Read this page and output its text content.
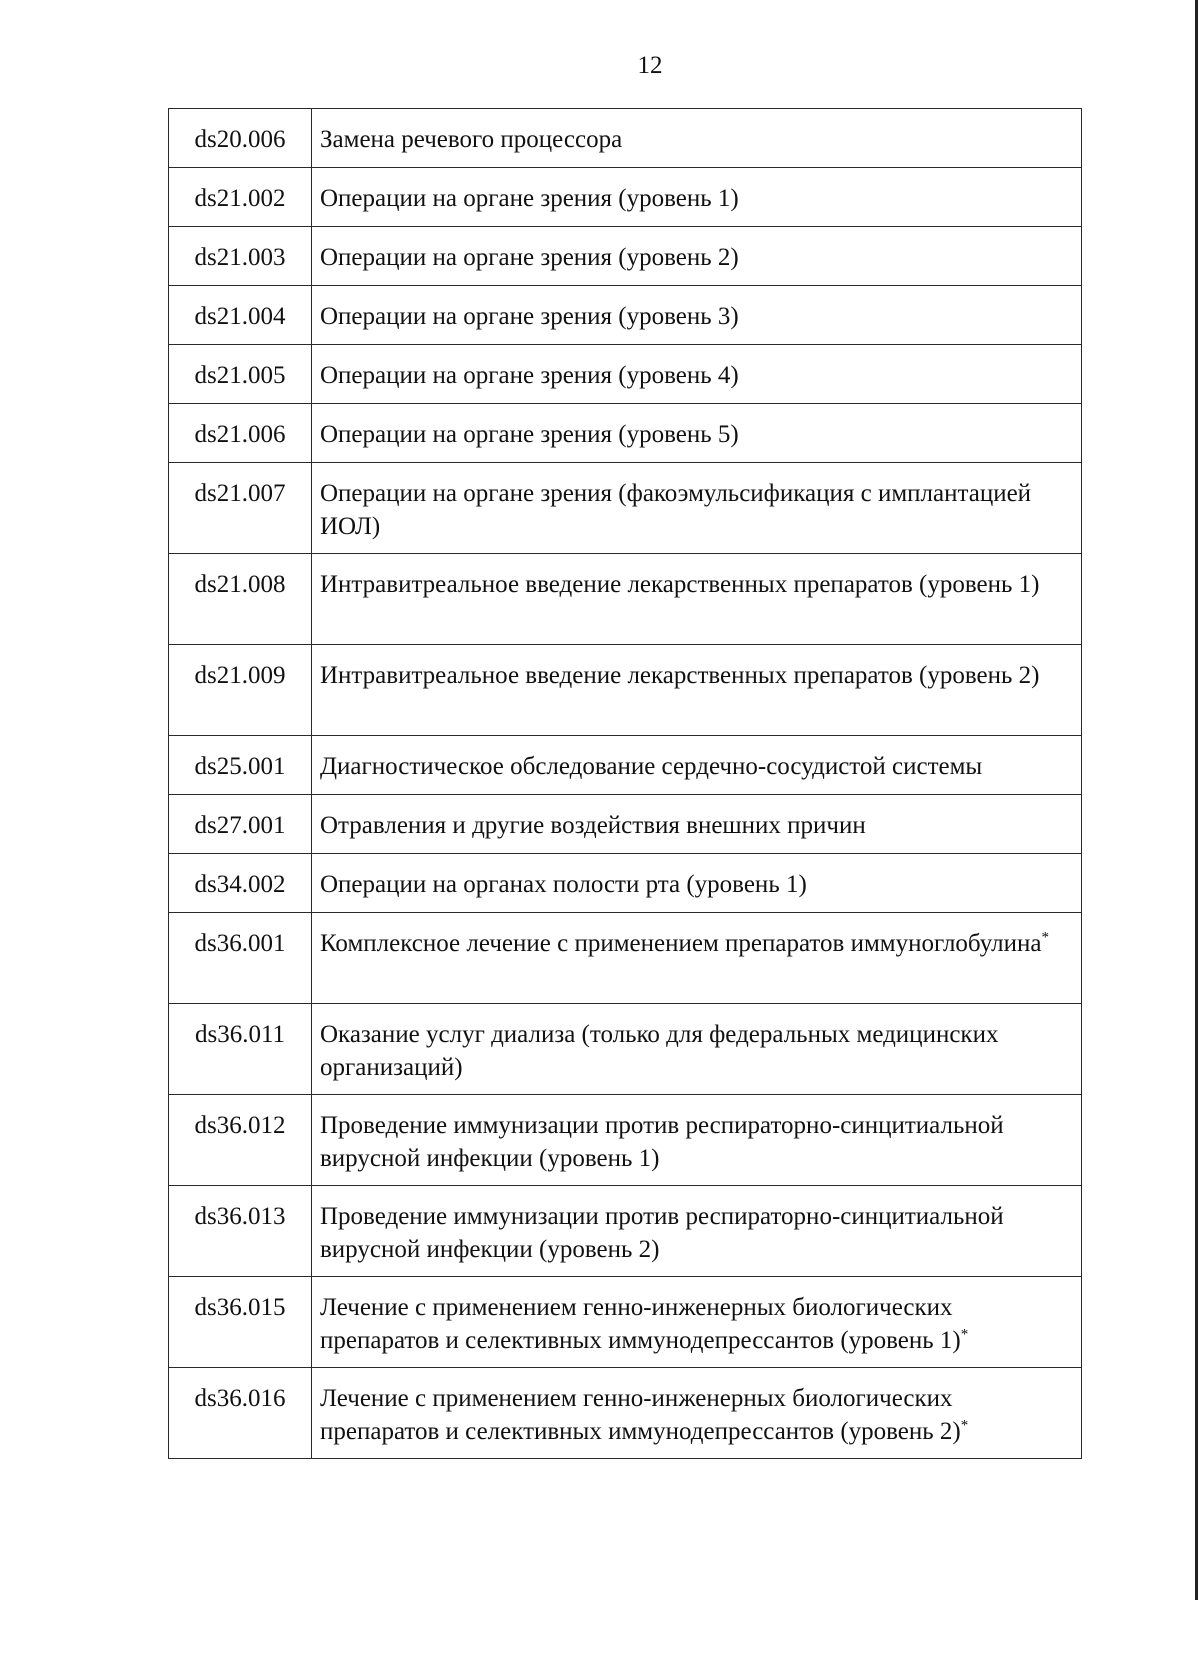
12
ds20.006	Замена речевого процессора
ds21.002	Операции на органе зрения (уровень 1)
ds21.003	Операции на органе зрения (уровень 2)
ds21.004	Операции на органе зрения (уровень 3)
ds21.005	Операции на органе зрения (уровень 4)
ds21.006	Операции на органе зрения (уровень 5)
ds21.007	Операции на органе зрения (факоэмульсификация с имплантацией ИОЛ)
ds21.008	Интравитреальное введение лекарственных препаратов (уровень 1)
ds21.009	Интравитреальное введение лекарственных препаратов (уровень 2)
ds25.001	Диагностическое обследование сердечно-сосудистой системы
ds27.001	Отравления и другие воздействия внешних причин
ds34.002	Операции на органах полости рта (уровень 1)
ds36.001	Комплексное лечение с применением препаратов иммуноглобулина*
ds36.011	Оказание услуг диализа (только для федеральных медицинских организаций)
ds36.012	Проведение иммунизации против респираторно-синцитиальной вирусной инфекции (уровень 1)
ds36.013	Проведение иммунизации против респираторно-синцитиальной вирусной инфекции (уровень 2)
ds36.015	Лечение с применением генно-инженерных биологических препаратов и селективных иммунодепрессантов (уровень 1)*
ds36.016	Лечение с применением генно-инженерных биологических препаратов и селективных иммунодепрессантов (уровень 2)*
